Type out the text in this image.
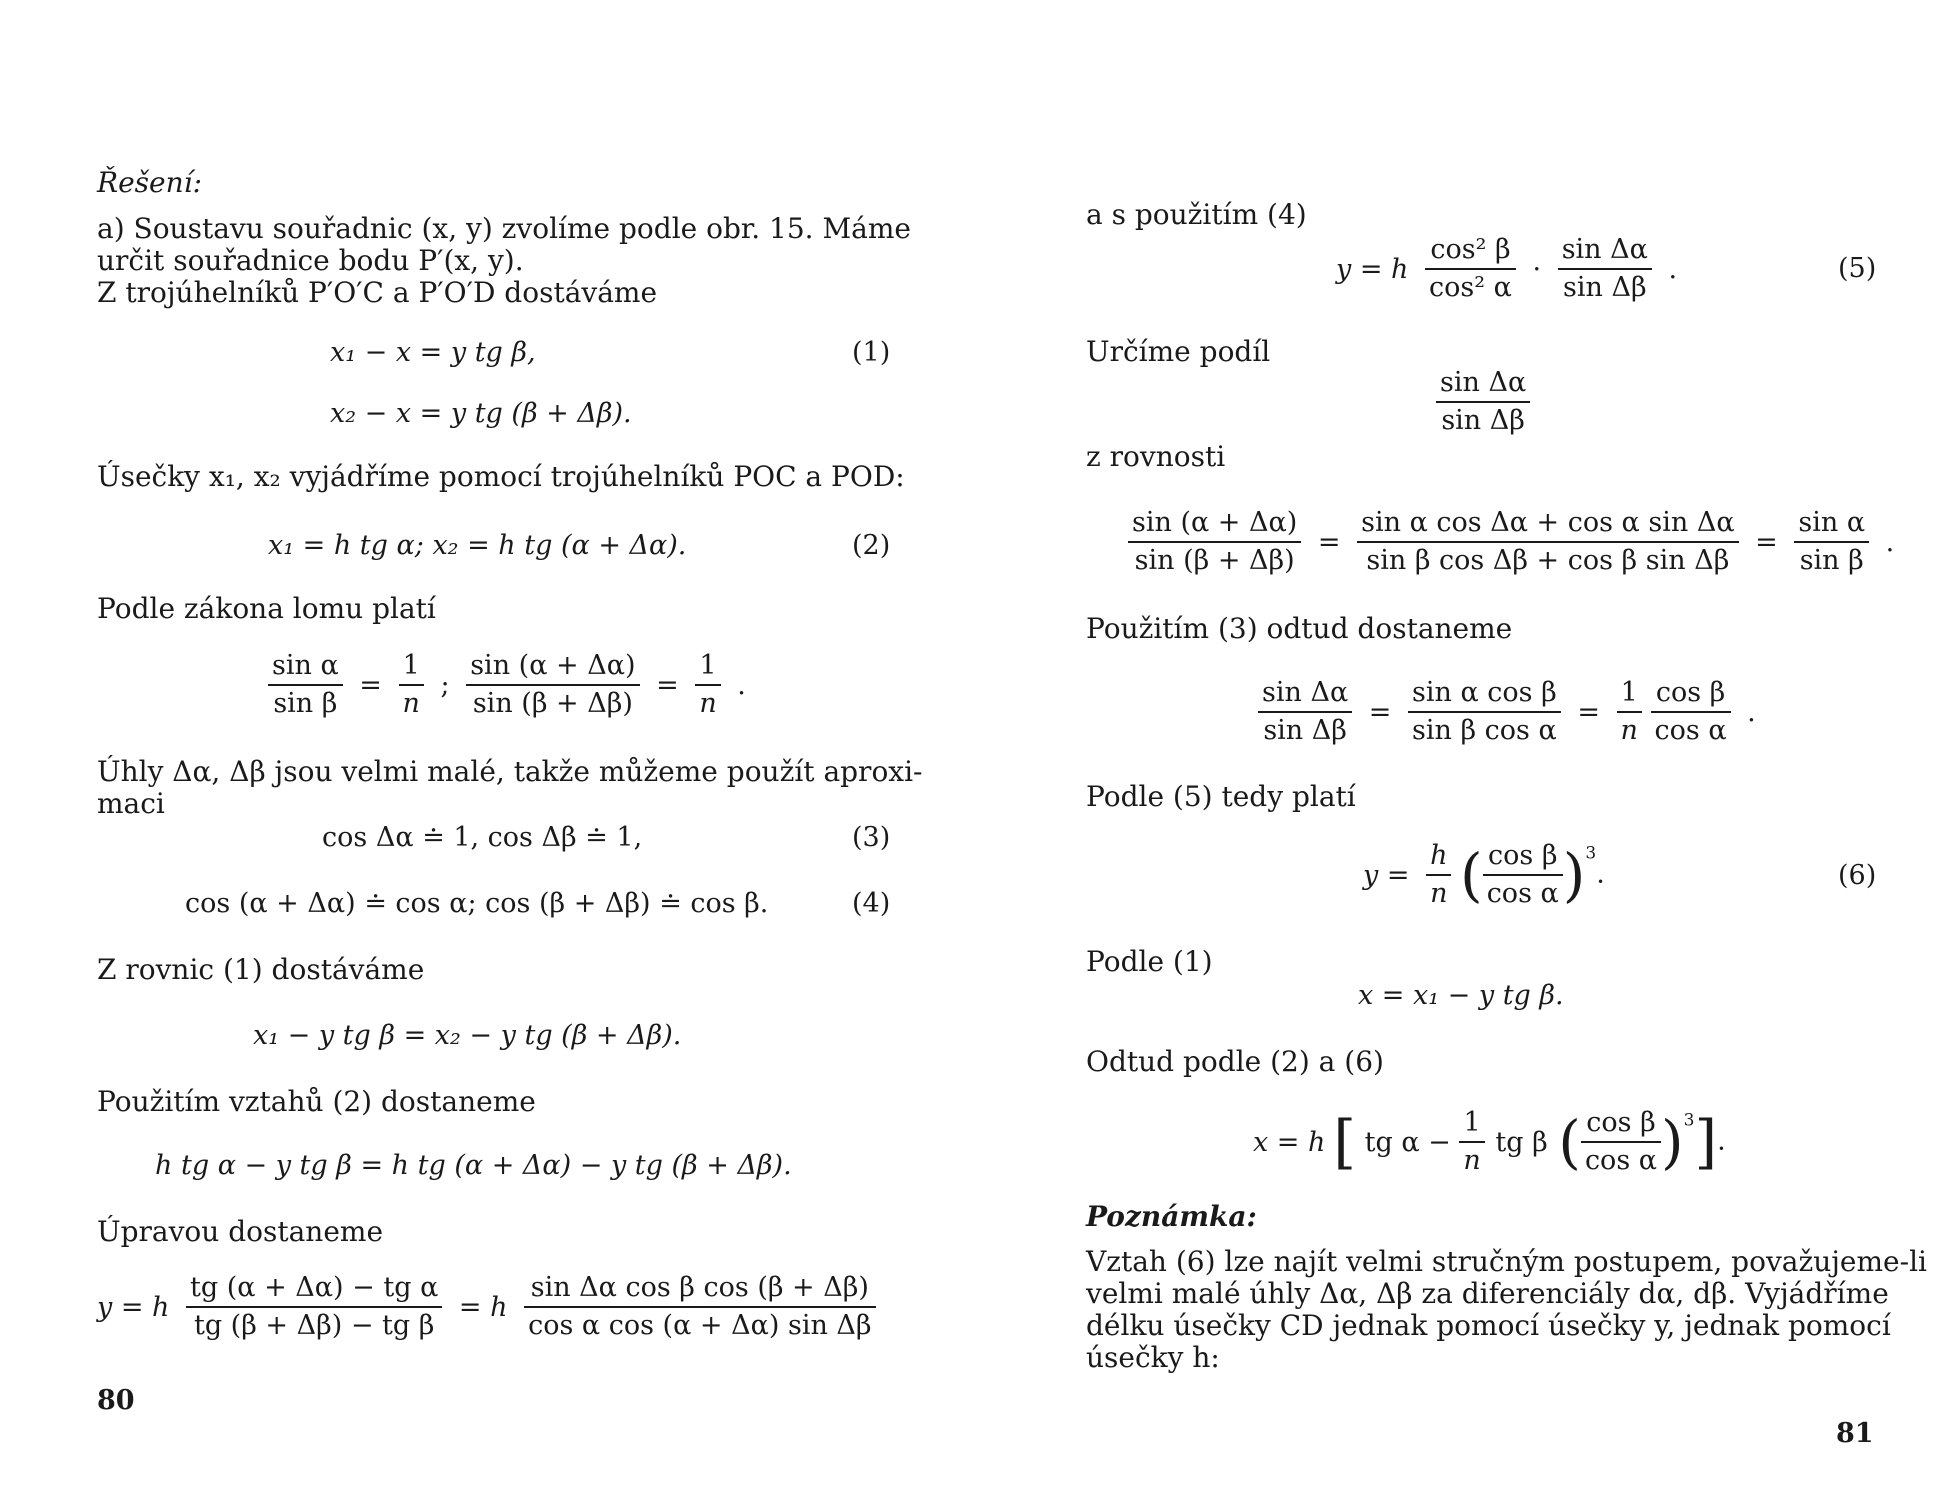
Řešení:
a) Soustavu souřadnic (x, y) zvolíme podle obr. 15. Máme
určit souřadnice bodu P′(x, y).
Z trojúhelníků P′O′C a P′O′D dostáváme
x₁ − x = y tg β,	(1)
x₂ − x = y tg (β + Δβ).
Úsečky x₁, x₂ vyjádříme pomocí trojúhelníků POC a POD:
x₁ = h tg α; x₂ = h tg (α + Δα).	(2)
Podle zákona lomu platí
$\frac{\text{sin α}}{\text{sin β}} = \frac{1}{n}$ ; $\frac{\sin (\alpha + \Delta\alpha)}{\sin (\beta + \Delta\beta)} = \frac{1}{n}$ .
Úhly Δα, Δβ jsou velmi malé, takže můžeme použít aproxi-
maci
cos Δα ≐ 1, cos Δβ ≐ 1,	(3)
cos (α + Δα) ≐ cos α; cos (β + Δβ) ≐ cos β.	(4)
Z rovnic (1) dostáváme
x₁ − y tg β = x₂ − y tg (β + Δβ).
Použitím vztahů (2) dostaneme
h tg α − y tg β = h tg (α + Δα) − y tg (β + Δβ).
Úpravou dostaneme
y = h $\frac{\text{tg (α + Δα) − tg α}}{\text{tg (β + Δβ) − tg β}} = h \frac{\text{sin Δα cos β cos (β + Δβ)}}{\text{cos α cos (α + Δα) sin Δβ}}$
80
a s použitím (4)
y = h $\frac{\text{cos² β}}{\text{cos² α}} \cdot \frac{\text{sin Δα}}{\text{sin Δβ}}$ .	(5)
Určíme podíl
$\frac{\text{sin Δα}}{\text{sin Δβ}}$
z rovnosti
$\frac{\sin (\alpha + \Delta\alpha)}{\sin (\beta + \Delta\beta)} = \frac{\text{sin α cos Δα + cos α sin Δα}}{\text{sin β cos Δβ + cos β sin Δβ}} = \frac{\text{sin α}}{\text{sin β}}$ .
Použitím (3) odtud dostaneme
$\frac{\text{sin Δα}}{\text{sin Δβ}} = \frac{\text{sin α cos β}}{\text{sin β cos α}} = \frac{1}{n}$
$\frac{\text{cos β}}{\text{cos α}}$ .
Podle (5) tedy platí
$y = \frac{h}{n}$ ( $\frac{\text{cos β}}{\text{cos α}} )^3$.	(6)
Podle (1)
x = x₁ − y tg β.
Odtud podle (2) a (6)
x = h [ tg $\alpha - \frac{1}{n}$ tg β ( $\frac{\text{cos β}}{\text{cos α}} )^3$].
Poznámka:
Vztah (6) lze najít velmi stručným postupem, považujeme-li
velmi malé úhly Δα, Δβ za diferenciály dα, dβ. Vyjádříme
délku úsečky CD jednak pomocí úsečky y, jednak pomocí
úsečky h:
81
